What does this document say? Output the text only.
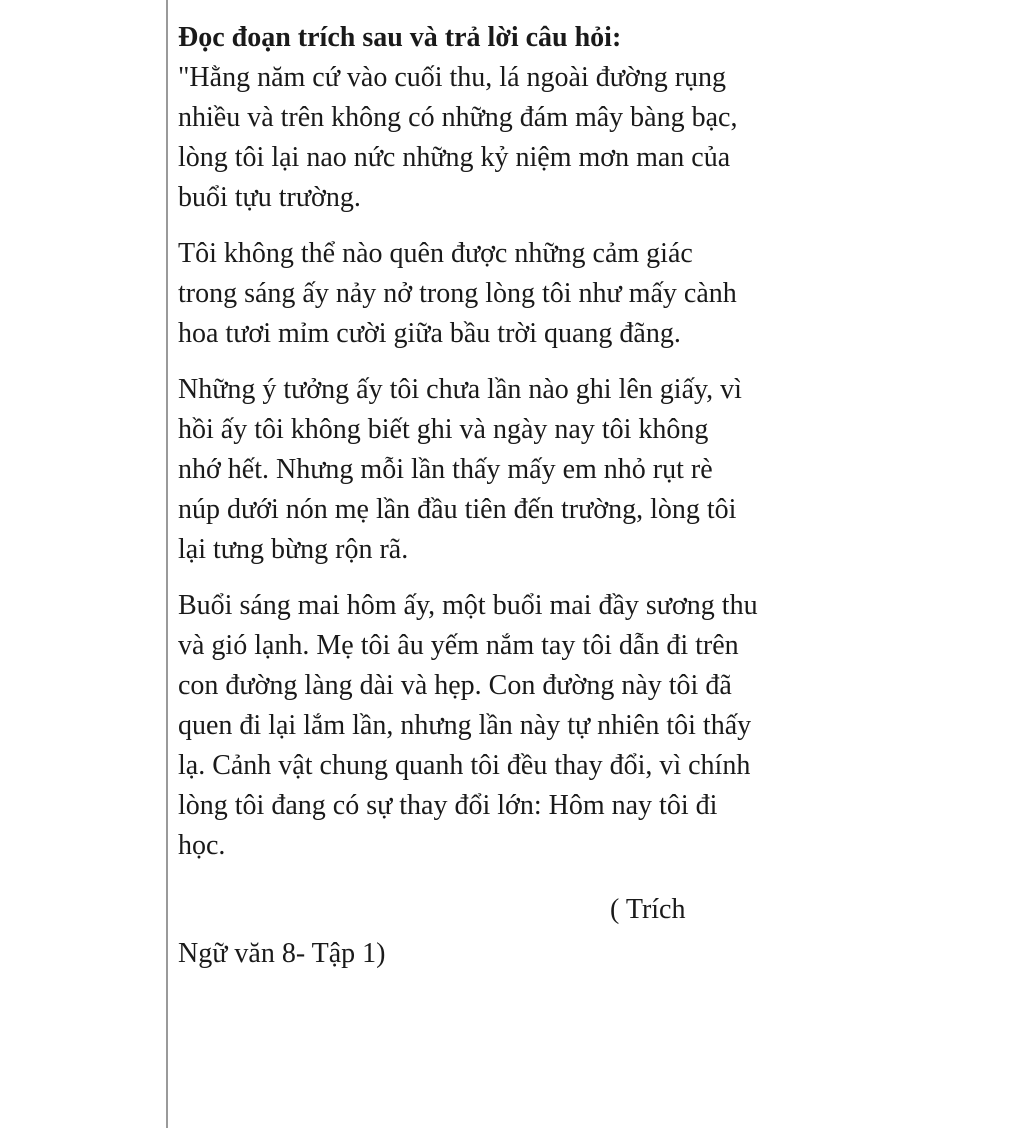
Đọc đoạn trích sau và trả lời câu hỏi:

"Hằng năm cứ vào cuối thu, lá ngoài đường rụng nhiều và trên không có những đám mây bàng bạc, lòng tôi lại nao nức những kỷ niệm mơn man của buổi tựu trường.

Tôi không thể nào quên được những cảm giác trong sáng ấy nảy nở trong lòng tôi như mấy cành hoa tươi mỉm cười giữa bầu trời quang đãng.

Những ý tưởng ấy tôi chưa lần nào ghi lên giấy, vì hồi ấy tôi không biết ghi và ngày nay tôi không nhớ hết. Nhưng mỗi lần thấy mấy em nhỏ rụt rè núp dưới nón mẹ lần đầu tiên đến trường, lòng tôi lại tưng bừng rộn rã.

Buổi sáng mai hôm ấy, một buổi mai đầy sương thu và gió lạnh. Mẹ tôi âu yếm nắm tay tôi dẫn đi trên con đường làng dài và hẹp. Con đường này tôi đã quen đi lại lắm lần, nhưng lần này tự nhiên tôi thấy lạ. Cảnh vật chung quanh tôi đều thay đổi, vì chính lòng tôi đang có sự thay đổi lớn: Hôm nay tôi đi học.

( Trích

Ngữ văn 8- Tập 1)
